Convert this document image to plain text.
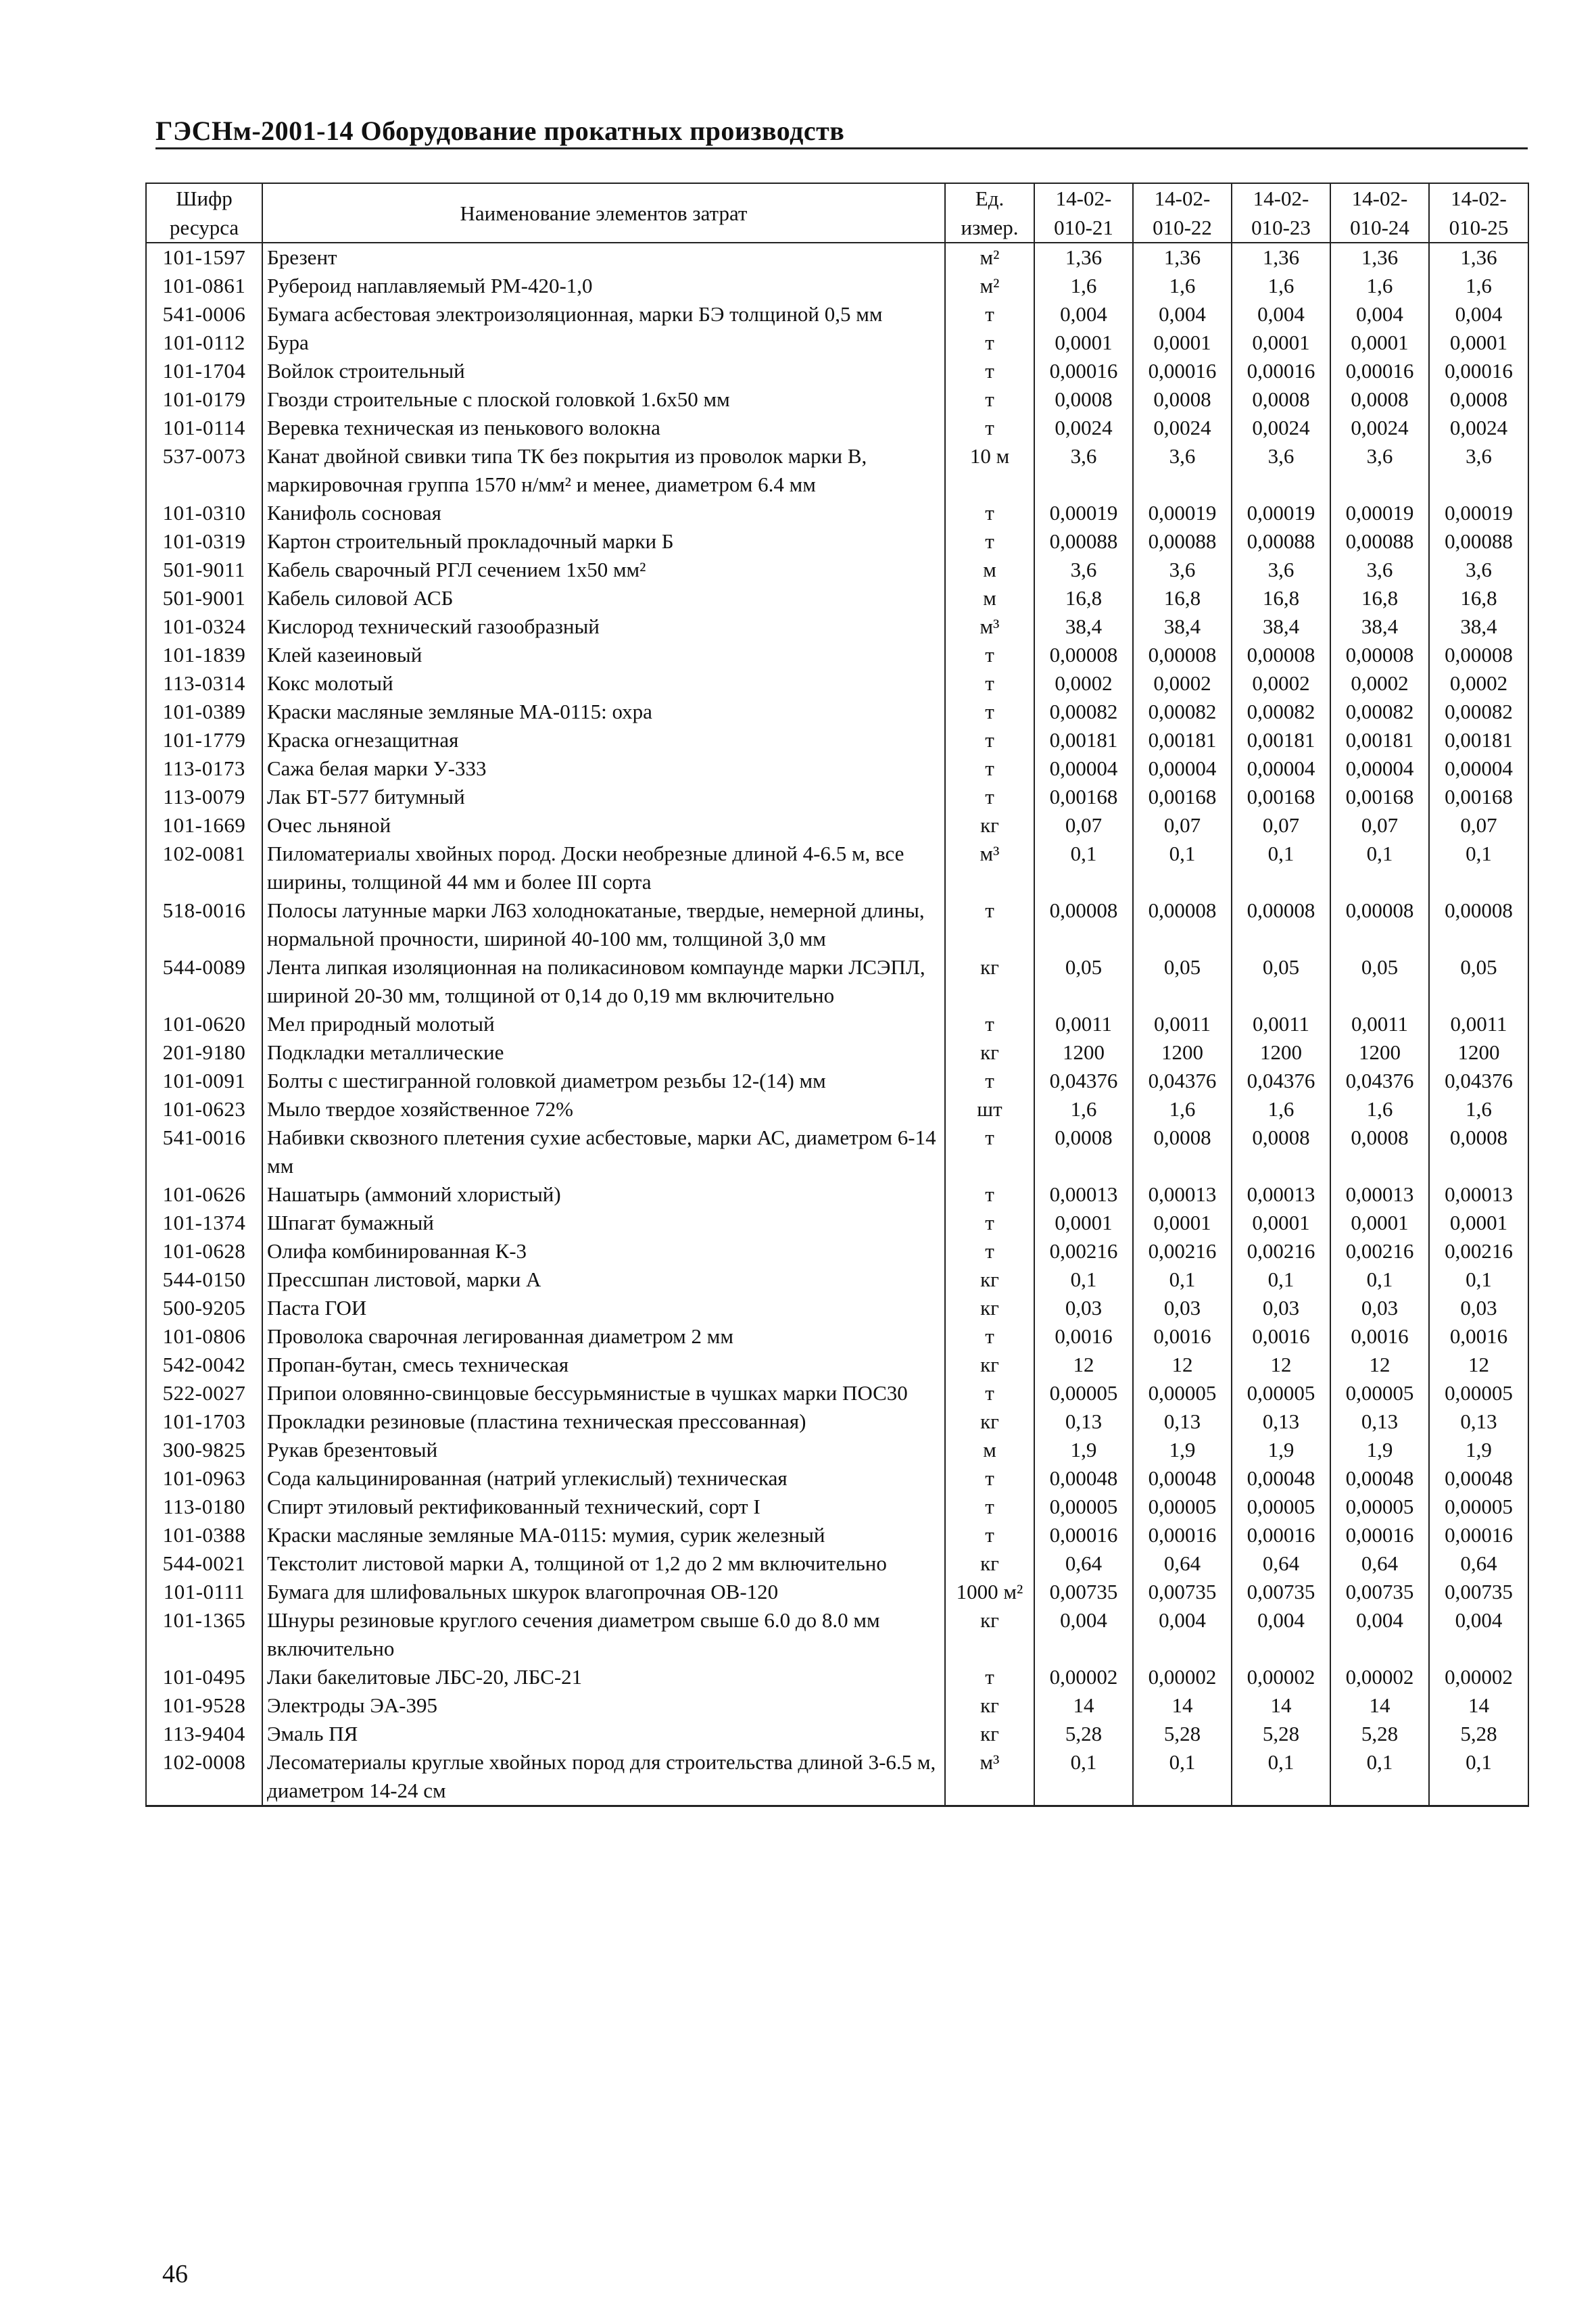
ГЭСНм-2001-14 Оборудование прокатных производств
Шифр ресурса	Наименование элементов затрат	Ед. измер.	14-02-010-21	14-02-010-22	14-02-010-23	14-02-010-24	14-02-010-25
101-1597	Брезент	м²	1,36	1,36	1,36	1,36	1,36
101-0861	Рубероид наплавляемый РМ-420-1,0	м²	1,6	1,6	1,6	1,6	1,6
541-0006	Бумага асбестовая электроизоляционная, марки БЭ толщиной 0,5 мм	т	0,004	0,004	0,004	0,004	0,004
101-0112	Бура	т	0,0001	0,0001	0,0001	0,0001	0,0001
101-1704	Войлок строительный	т	0,00016	0,00016	0,00016	0,00016	0,00016
101-0179	Гвозди строительные с плоской головкой 1.6х50 мм	т	0,0008	0,0008	0,0008	0,0008	0,0008
101-0114	Веревка техническая из пенькового волокна	т	0,0024	0,0024	0,0024	0,0024	0,0024
537-0073	Канат двойной свивки типа ТК без покрытия из проволок марки В, маркировочная группа 1570 н/мм² и менее, диаметром 6.4 мм	10 м	3,6	3,6	3,6	3,6	3,6
101-0310	Канифоль сосновая	т	0,00019	0,00019	0,00019	0,00019	0,00019
101-0319	Картон строительный прокладочный марки Б	т	0,00088	0,00088	0,00088	0,00088	0,00088
501-9011	Кабель сварочный РГЛ сечением 1х50 мм²	м	3,6	3,6	3,6	3,6	3,6
501-9001	Кабель силовой АСБ	м	16,8	16,8	16,8	16,8	16,8
101-0324	Кислород технический газообразный	м³	38,4	38,4	38,4	38,4	38,4
101-1839	Клей казеиновый	т	0,00008	0,00008	0,00008	0,00008	0,00008
113-0314	Кокс молотый	т	0,0002	0,0002	0,0002	0,0002	0,0002
101-0389	Краски масляные земляные МА-0115: охра	т	0,00082	0,00082	0,00082	0,00082	0,00082
101-1779	Краска огнезащитная	т	0,00181	0,00181	0,00181	0,00181	0,00181
113-0173	Сажа белая марки У-333	т	0,00004	0,00004	0,00004	0,00004	0,00004
113-0079	Лак БТ-577 битумный	т	0,00168	0,00168	0,00168	0,00168	0,00168
101-1669	Очес льняной	кг	0,07	0,07	0,07	0,07	0,07
102-0081	Пиломатериалы хвойных пород. Доски необрезные длиной 4-6.5 м, все ширины, толщиной 44 мм и более III сорта	м³	0,1	0,1	0,1	0,1	0,1
518-0016	Полосы латунные марки Л63 холоднокатаные, твердые, немерной длины, нормальной прочности, шириной 40-100 мм, толщиной 3,0 мм	т	0,00008	0,00008	0,00008	0,00008	0,00008
544-0089	Лента липкая изоляционная на поликасиновом компаунде марки ЛСЭПЛ, шириной 20-30 мм, толщиной от 0,14 до 0,19 мм включительно	кг	0,05	0,05	0,05	0,05	0,05
101-0620	Мел природный молотый	т	0,0011	0,0011	0,0011	0,0011	0,0011
201-9180	Подкладки металлические	кг	1200	1200	1200	1200	1200
101-0091	Болты с шестигранной головкой диаметром резьбы 12-(14) мм	т	0,04376	0,04376	0,04376	0,04376	0,04376
101-0623	Мыло твердое хозяйственное 72%	шт	1,6	1,6	1,6	1,6	1,6
541-0016	Набивки сквозного плетения сухие асбестовые, марки АС, диаметром 6-14 мм	т	0,0008	0,0008	0,0008	0,0008	0,0008
101-0626	Нашатырь (аммоний хлористый)	т	0,00013	0,00013	0,00013	0,00013	0,00013
101-1374	Шпагат бумажный	т	0,0001	0,0001	0,0001	0,0001	0,0001
101-0628	Олифа комбинированная К-3	т	0,00216	0,00216	0,00216	0,00216	0,00216
544-0150	Прессшпан листовой, марки А	кг	0,1	0,1	0,1	0,1	0,1
500-9205	Паста ГОИ	кг	0,03	0,03	0,03	0,03	0,03
101-0806	Проволока сварочная легированная диаметром 2 мм	т	0,0016	0,0016	0,0016	0,0016	0,0016
542-0042	Пропан-бутан, смесь техническая	кг	12	12	12	12	12
522-0027	Припои оловянно-свинцовые бессурьмянистые в чушках марки ПОС30	т	0,00005	0,00005	0,00005	0,00005	0,00005
101-1703	Прокладки резиновые (пластина техническая прессованная)	кг	0,13	0,13	0,13	0,13	0,13
300-9825	Рукав брезентовый	м	1,9	1,9	1,9	1,9	1,9
101-0963	Сода кальцинированная (натрий углекислый) техническая	т	0,00048	0,00048	0,00048	0,00048	0,00048
113-0180	Спирт этиловый ректификованный технический, сорт I	т	0,00005	0,00005	0,00005	0,00005	0,00005
101-0388	Краски масляные земляные МА-0115: мумия, сурик железный	т	0,00016	0,00016	0,00016	0,00016	0,00016
544-0021	Текстолит листовой марки А, толщиной от 1,2 до 2 мм включительно	кг	0,64	0,64	0,64	0,64	0,64
101-0111	Бумага для шлифовальных шкурок влагопрочная ОВ-120	1000 м²	0,00735	0,00735	0,00735	0,00735	0,00735
101-1365	Шнуры резиновые круглого сечения диаметром свыше 6.0 до 8.0 мм включительно	кг	0,004	0,004	0,004	0,004	0,004
101-0495	Лаки бакелитовые ЛБС-20, ЛБС-21	т	0,00002	0,00002	0,00002	0,00002	0,00002
101-9528	Электроды ЭА-395	кг	14	14	14	14	14
113-9404	Эмаль ПЯ	кг	5,28	5,28	5,28	5,28	5,28
102-0008	Лесоматериалы круглые хвойных пород для строительства длиной 3-6.5 м, диаметром 14-24 см	м³	0,1	0,1	0,1	0,1	0,1
46
